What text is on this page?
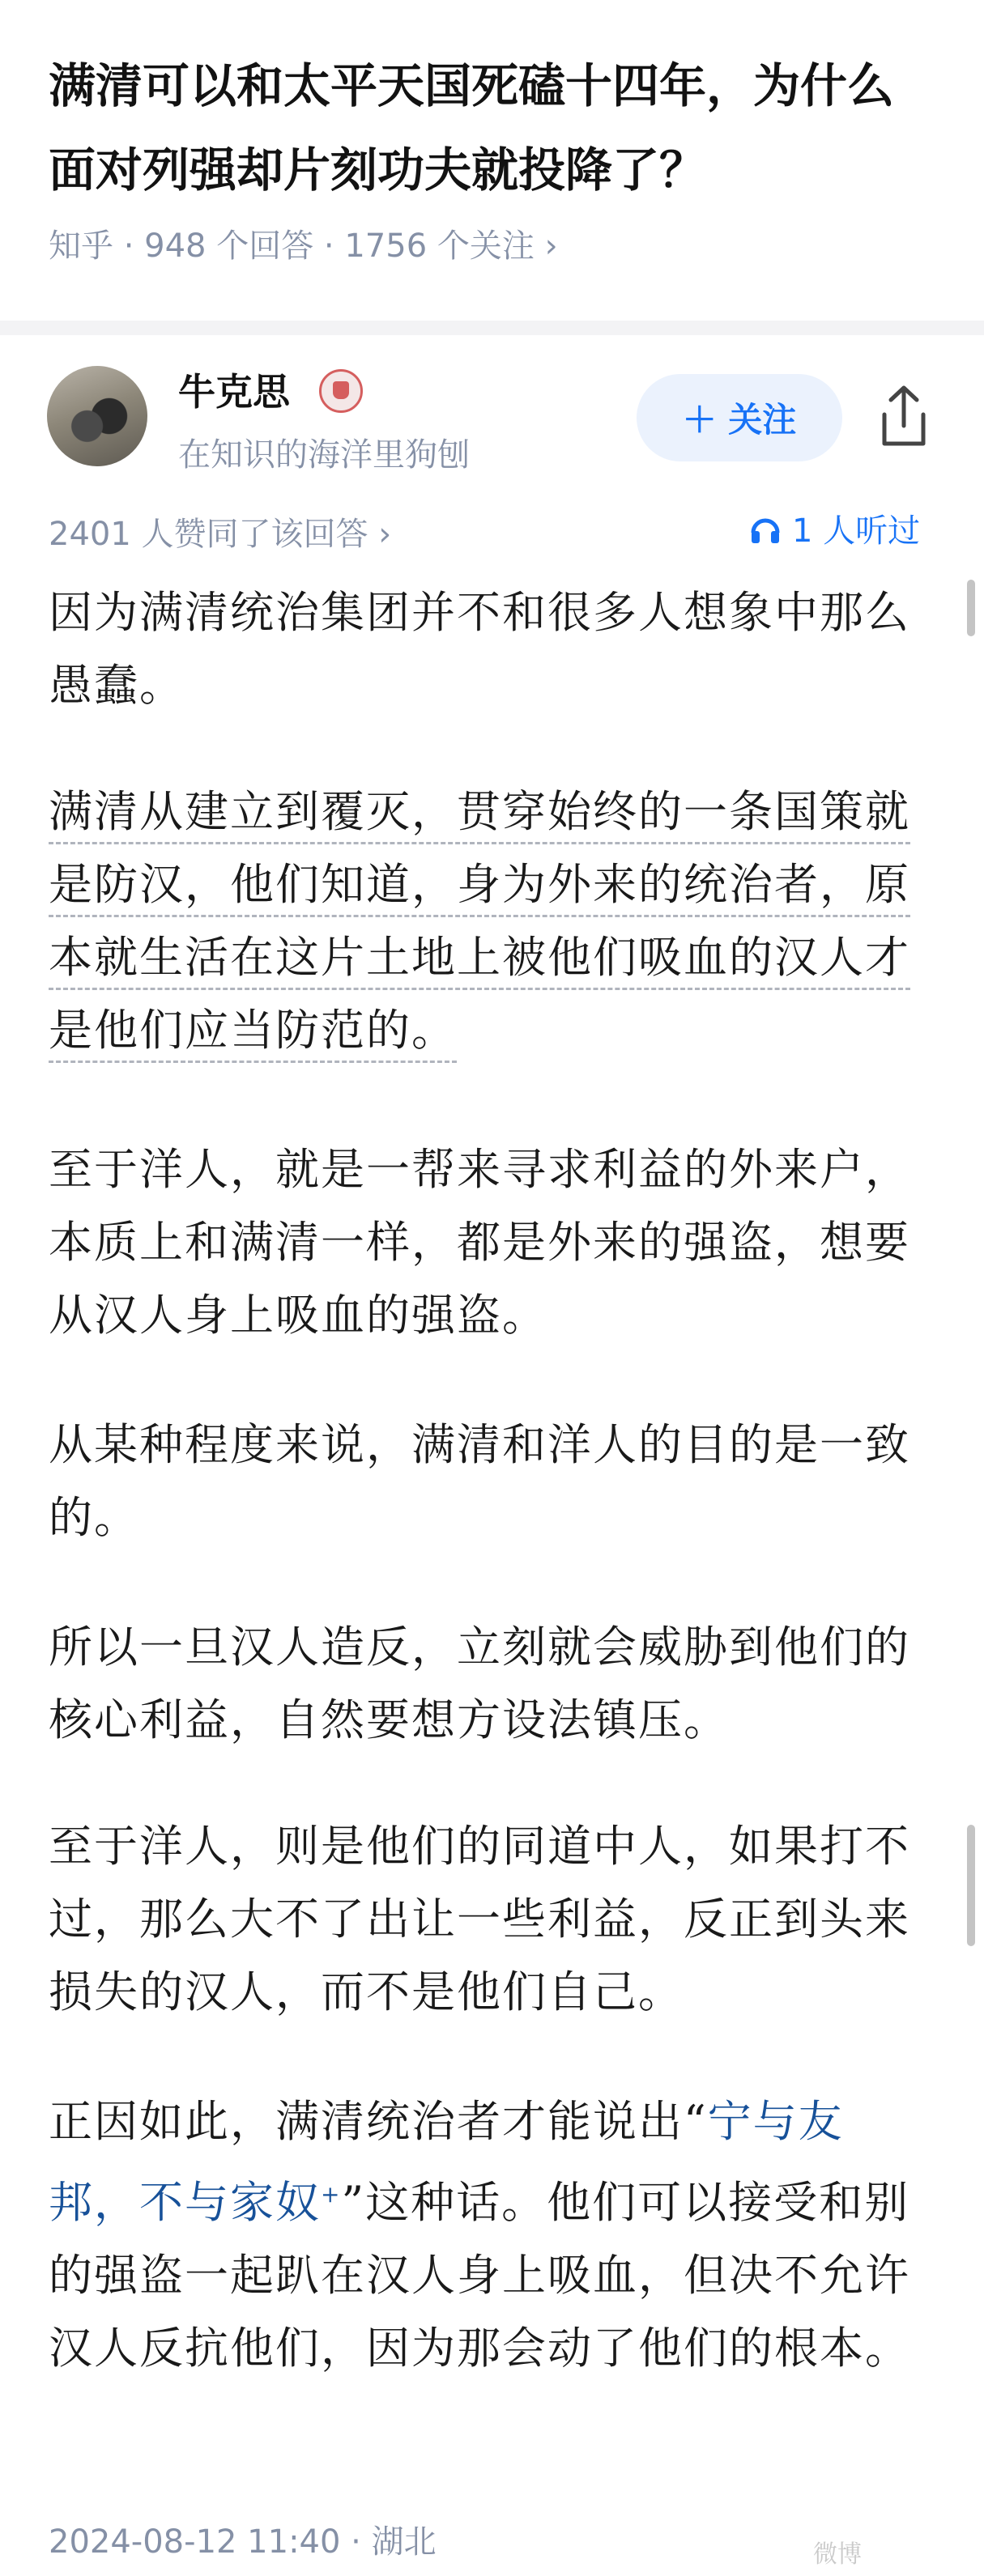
满清可以和太平天国死磕十四年，为什么面对列强却片刻功夫就投降了？
知乎 · 948 个回答 · 1756 个关注 ›
牛克思
在知识的海洋里狗刨
＋ 关注
2401 人赞同了该回答 ›	1 人听过

因为满清统治集团并不和很多人想象中那么愚蠢。

满清从建立到覆灭，贯穿始终的一条国策就是防汉，他们知道，身为外来的统治者，原本就生活在这片土地上被他们吸血的汉人才是他们应当防范的。

至于洋人，就是一帮来寻求利益的外来户，本质上和满清一样，都是外来的强盗，想要从汉人身上吸血的强盗。

从某种程度来说，满清和洋人的目的是一致的。

所以一旦汉人造反，立刻就会威胁到他们的核心利益，自然要想方设法镇压。

至于洋人，则是他们的同道中人，如果打不过，那么大不了出让一些利益，反正到头来损失的汉人，而不是他们自己。

正因如此，满清统治者才能说出“宁与友邦，不与家奴+”这种话。他们可以接受和别的强盗一起趴在汉人身上吸血，但决不允许汉人反抗他们，因为那会动了他们的根本。

2024-08-12 11:40 · 湖北	微博
